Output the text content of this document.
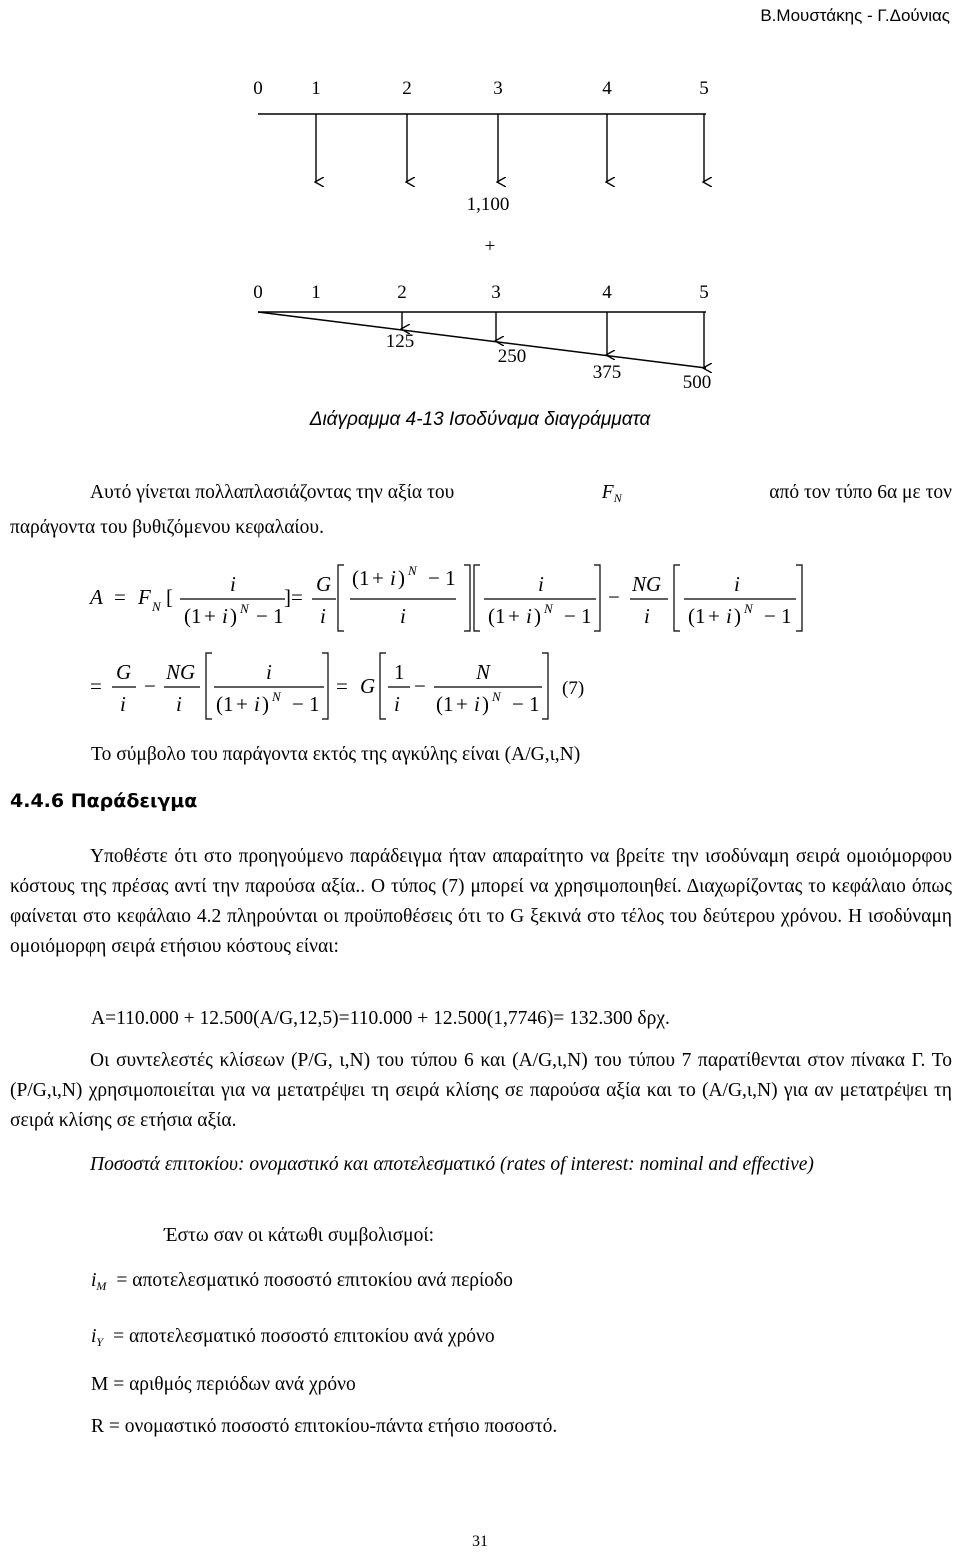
Β.Μουστάκης - Γ.Δούνιας
0	1	2	3	4	5
1,100
+
0	1	2	3	4	5
125
250
375	500
Διάγραμμα 4-13 Ισοδύναμα διαγράμματα
Αυτό γίνεται πολλαπλασιάζοντας την αξία του	$F_N$	από τον τύπο 6α με τον
παράγοντα του βυθιζόμενου κεφαλαίου.
A = F N [
i
(1 + i ) N − 1
]=
G
i
(1 + i ) N − 1
i
i
(1 + i ) N − 1
−
NG
i
i
(1 + i ) N − 1
=
G
i
−
NG
i
i
(1 + i ) N − 1
= G
1
i
−
N
(1 + i ) N − 1
(7)
Το σύμβολο του παράγοντα εκτός της αγκύλης είναι (A/G,ι,N)
4.4.6 Παράδειγμα
Υποθέστε ότι στο προηγούμενο παράδειγμα ήταν απαραίτητο να βρείτε την ισοδύναμη σειρά ομοιόμορφου κόστους της πρέσας αντί την παρούσα αξία.. Ο τύπος (7) μπορεί να χρησιμοποιηθεί. Διαχωρίζοντας το κεφάλαιο όπως φαίνεται στο κεφάλαιο 4.2 πληρούνται οι προϋποθέσεις ότι το G ξεκινά στο τέλος του δεύτερου χρόνου. Η ισοδύναμη ομοιόμορφη σειρά ετήσιου κόστους είναι:
A=110.000 + 12.500(A/G,12,5)=110.000 + 12.500(1,7746)= 132.300 δρχ.
Οι συντελεστές κλίσεων (P/G, ι,N) του τύπου 6 και (A/G,ι,N) του τύπου 7 παρατίθενται στον πίνακα Γ. Το (P/G,ι,N) χρησιμοποιείται για να μετατρέψει τη σειρά κλίσης σε παρούσα αξία και το (A/G,ι,N) για αν μετατρέψει τη σειρά κλίσης σε ετήσια αξία.
Ποσοστά επιτοκίου: ονομαστικό και αποτελεσματικό (rates of interest: nominal and effective)
Έστω σαν οι κάτωθι συμβολισμοί:
$i_M = \alpha\pi o\tau\varepsilon\lambda\varepsilon\sigma\mu\alpha\tau\iota\kappa ό$ ποσοστό επιτοκίου ανά περίοδο
$i_Y = \alpha\pi o\tau\varepsilon\lambda\varepsilon\sigma\mu\alpha\tau\iota\kappa ό$ ποσοστό επιτοκίου ανά χρόνο
M = αριθμός περιόδων ανά χρόνο
R = ονομαστικό ποσοστό επιτοκίου-πάντα ετήσιο ποσοστό.
31
